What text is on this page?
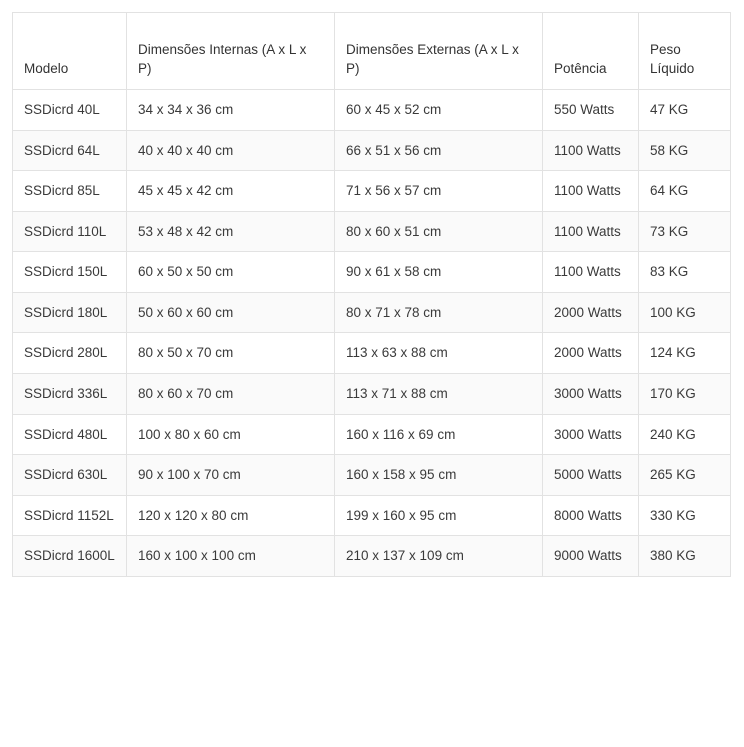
Modelo	Dimensões Internas (A x L x P)	Dimensões Externas (A x L x P)	Potência	Peso Líquido
SSDicrd 40L	34 x 34 x 36 cm	60 x 45 x 52 cm	550 Watts	47 KG
SSDicrd 64L	40 x 40 x 40 cm	66 x 51 x 56 cm	1100 Watts	58 KG
SSDicrd 85L	45 x 45 x 42 cm	71 x 56 x 57 cm	1100 Watts	64 KG
SSDicrd 110L	53 x 48 x 42 cm	80 x 60 x 51 cm	1100 Watts	73 KG
SSDicrd 150L	60 x 50 x 50 cm	90 x 61 x 58 cm	1100 Watts	83 KG
SSDicrd 180L	50 x 60 x 60 cm	80 x 71 x 78 cm	2000 Watts	100 KG
SSDicrd 280L	80 x 50 x 70 cm	113 x 63 x 88 cm	2000 Watts	124 KG
SSDicrd 336L	80 x 60 x 70 cm	113 x 71 x 88 cm	3000 Watts	170 KG
SSDicrd 480L	100 x 80 x 60 cm	160 x 116 x 69 cm	3000 Watts	240 KG
SSDicrd 630L	90 x 100 x 70 cm	160 x 158 x 95 cm	5000 Watts	265 KG
SSDicrd 1152L	120 x 120 x 80 cm	199 x 160 x 95 cm	8000 Watts	330 KG
SSDicrd 1600L	160 x 100 x 100 cm	210 x 137 x 109 cm	9000 Watts	380 KG
